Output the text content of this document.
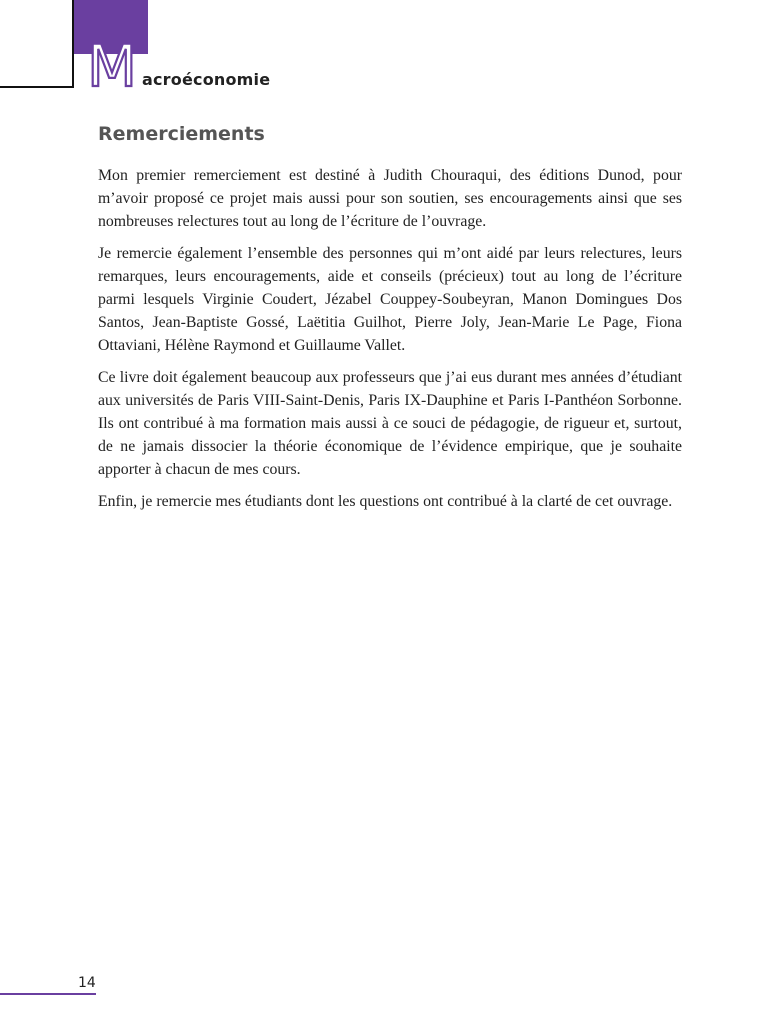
M acroéconomie
Remerciements

Mon premier remerciement est destiné à Judith Chouraqui, des éditions Dunod, pour m’avoir proposé ce projet mais aussi pour son soutien, ses encouragements ainsi que ses nombreuses relectures tout au long de l’écriture de l’ouvrage.

Je remercie également l’ensemble des personnes qui m’ont aidé par leurs relectures, leurs remarques, leurs encouragements, aide et conseils (précieux) tout au long de l’écriture parmi lesquels Virginie Coudert, Jézabel Couppey-Soubeyran, Manon Domingues Dos Santos, Jean-Baptiste Gossé, Laëtitia Guilhot, Pierre Joly, Jean-Marie Le Page, Fiona Ottaviani, Hélène Raymond et Guillaume Vallet.

Ce livre doit également beaucoup aux professeurs que j’ai eus durant mes années d’étudiant aux universités de Paris VIII-Saint-Denis, Paris IX-Dauphine et Paris I-Panthéon Sorbonne. Ils ont contribué à ma formation mais aussi à ce souci de pédagogie, de rigueur et, surtout, de ne jamais dissocier la théorie économique de l’évidence empirique, que je souhaite apporter à chacun de mes cours.

Enfin, je remercie mes étudiants dont les questions ont contribué à la clarté de cet ouvrage.

14
